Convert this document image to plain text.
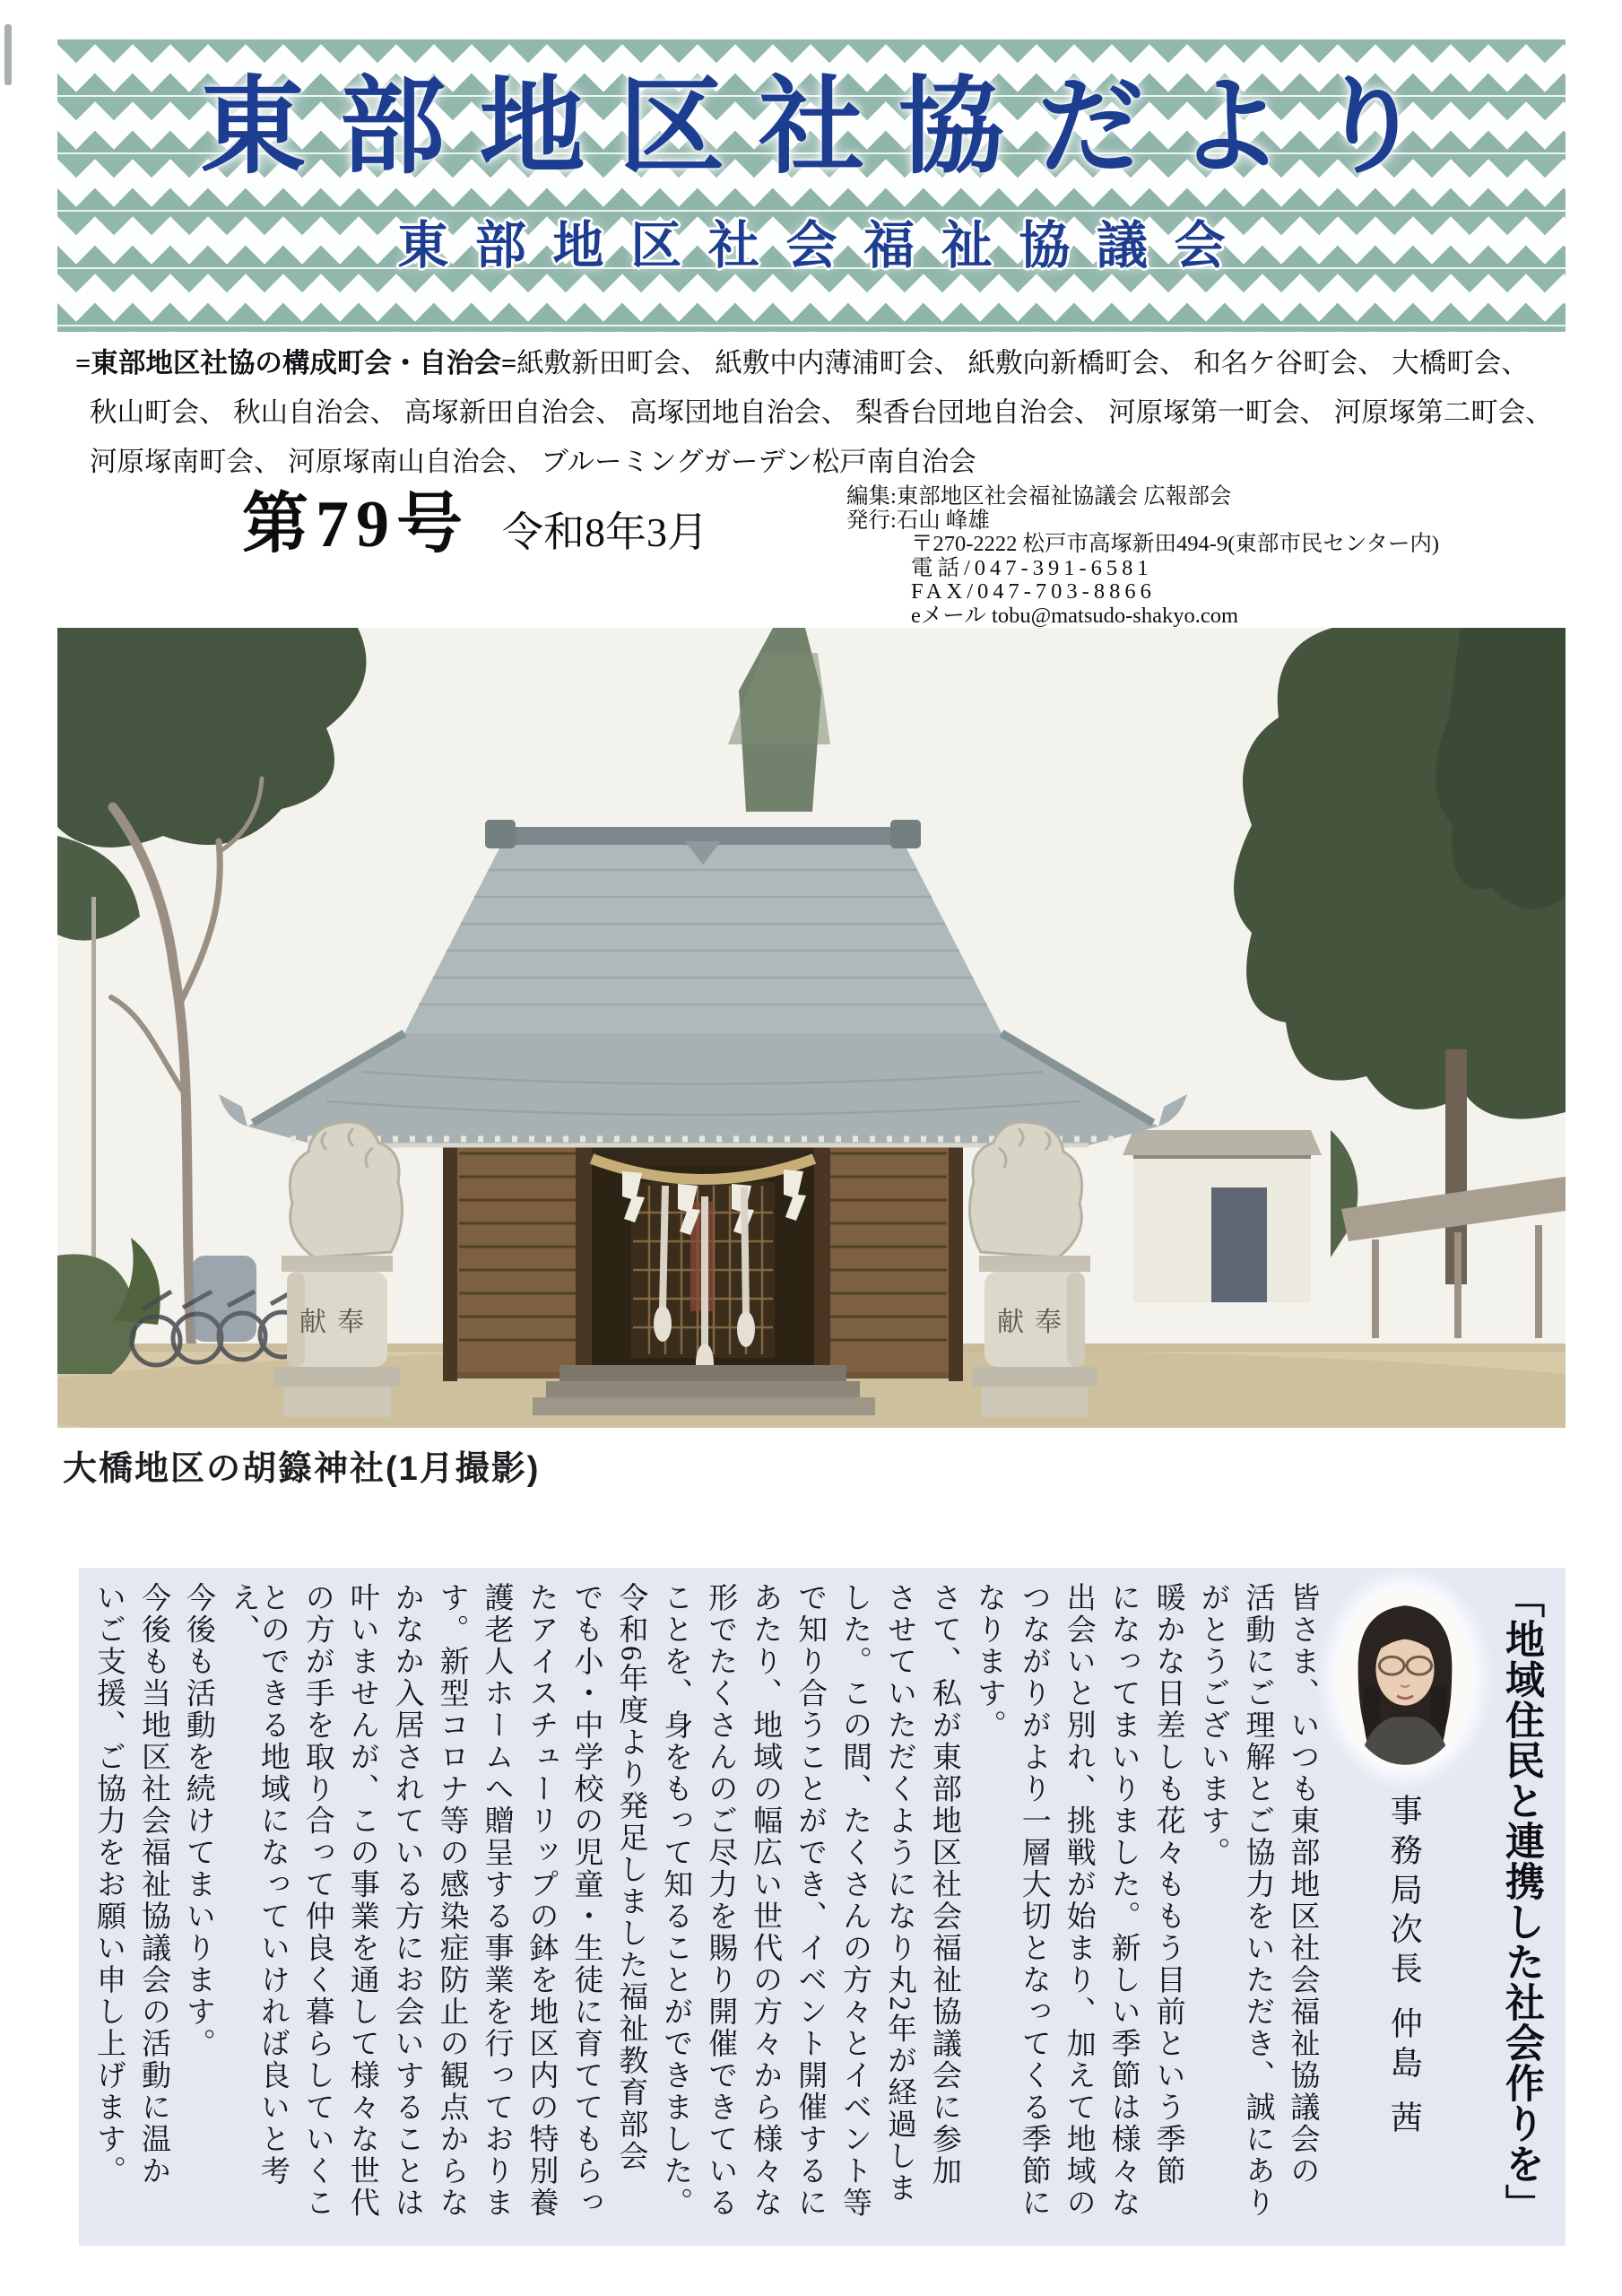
東部地区社協だより
東部地区社会福祉協議会
=東部地区社協の構成町会・自治会=紙敷新田町会、 紙敷中内薄浦町会、 紙敷向新橋町会、 和名ケ谷町会、 大橋町会、
秋山町会、 秋山自治会、 高塚新田自治会、 高塚団地自治会、 梨香台団地自治会、 河原塚第一町会、 河原塚第二町会、
河原塚南町会、 河原塚南山自治会、 ブルーミングガーデン松戸南自治会
第79号 令和8年3月
編集:東部地区社会福祉協議会 広報部会
発行:石山 峰雄
〒270-2222 松戸市高塚新田494-9(東部市民センター内)
電話/047-391-6581
FAX/047-703-8866
eメール tobu@matsudo-shakyo.com
献奉	献奉
大橋地区の胡籙神社(1月撮影)
「地域住民と連携した社会作りを」
事務局次長 仲島 茜
皆さま、いつも東部地区社会福祉協議会の
活動にご理解とご協力をいただき、誠にあり
がとうございます。
暖かな日差しも花々ももう目前という季節
になってまいりました。新しい季節は様々な
出会いと別れ、挑戦が始まり、加えて地域の
つながりがより一層大切となってくる季節に
なります。
さて、私が東部地区社会福祉協議会に参加
させていただくようになり丸2年が経過しま
した。この間、たくさんの方々とイベント等
で知り合うことができ、イベント開催するに
あたり、地域の幅広い世代の方々から様々な
形でたくさんのご尽力を賜り開催できている
ことを、身をもって知ることができました。
令和6年度より発足しました福祉教育部会
でも小・中学校の児童・生徒に育ててもらっ
たアイスチューリップの鉢を地区内の特別養
護老人ホームへ贈呈する事業を行っておりま
す。新型コロナ等の感染症防止の観点からな
かなか入居されている方にお会いすることは
叶いませんが、この事業を通して様々な世代
の方が手を取り合って仲良く暮らしていくこ
とのできる地域になっていければ良いと考え、
今後も活動を続けてまいります。
今後も当地区社会福祉協議会の活動に温か
いご支援、ご協力をお願い申し上げます。
